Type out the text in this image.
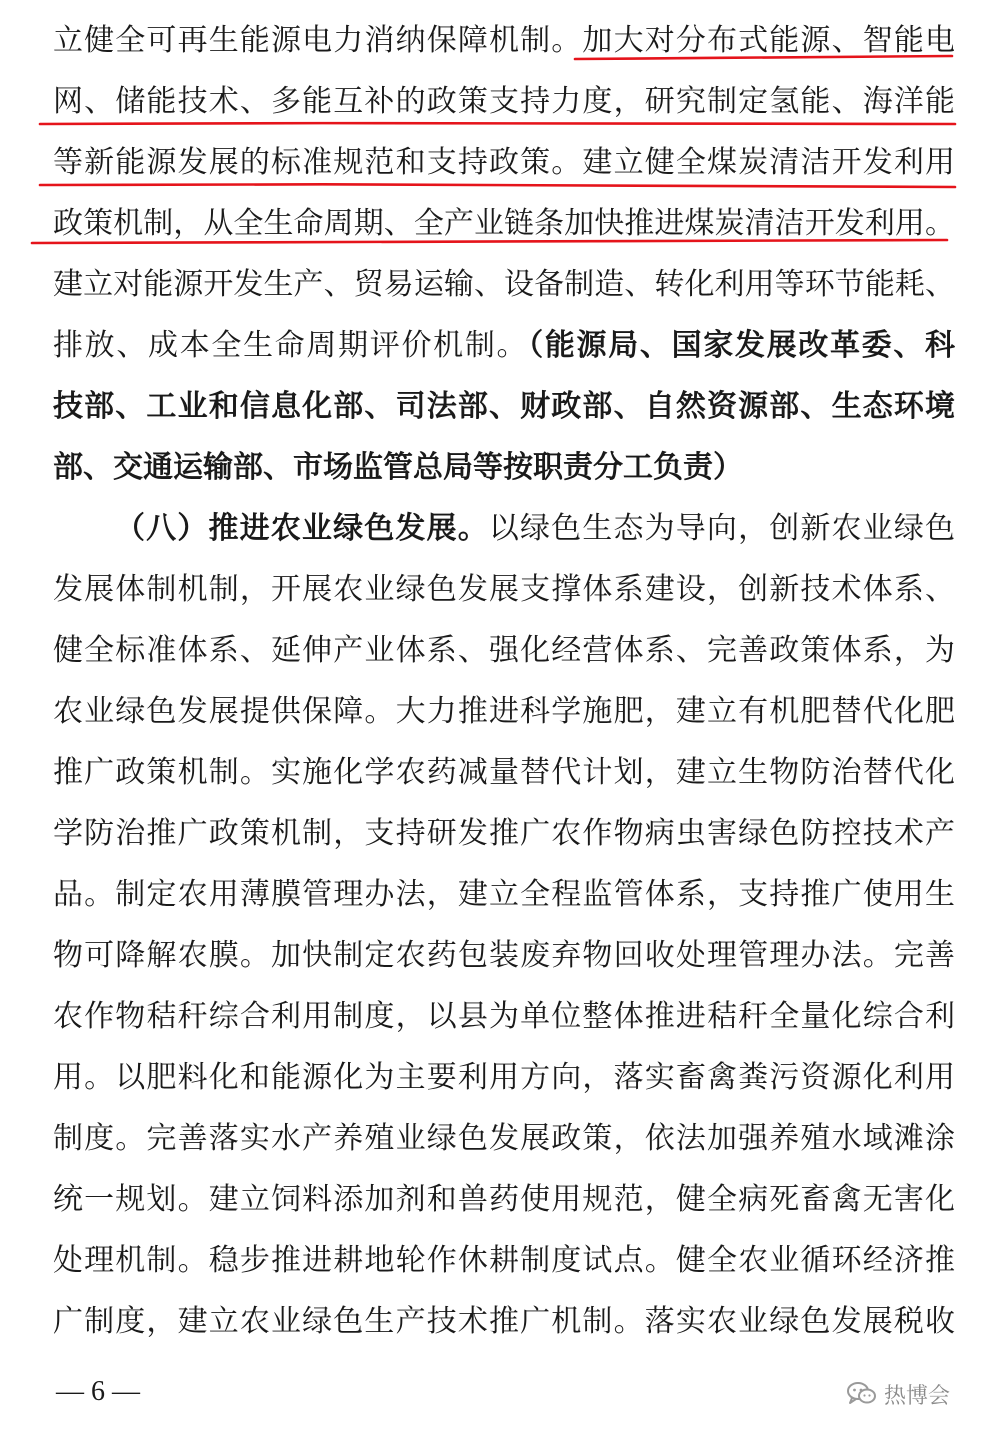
立健全可再生能源电力消纳保障机制。加大对分布式能源、智能电
网、储能技术、多能互补的政策支持力度，研究制定氢能、海洋能
等新能源发展的标准规范和支持政策。建立健全煤炭清洁开发利用
政策机制，从全生命周期、全产业链条加快推进煤炭清洁开发利用。
建立对能源开发生产、贸易运输、设备制造、转化利用等环节能耗、
排放、成本全生命周期评价机制。（能源局、国家发展改革委、科
技部、工业和信息化部、司法部、财政部、自然资源部、生态环境
部、交通运输部、市场监管总局等按职责分工负责）
（八）推进农业绿色发展。以绿色生态为导向，创新农业绿色
发展体制机制，开展农业绿色发展支撑体系建设，创新技术体系、
健全标准体系、延伸产业体系、强化经营体系、完善政策体系，为
农业绿色发展提供保障。大力推进科学施肥，建立有机肥替代化肥
推广政策机制。实施化学农药减量替代计划，建立生物防治替代化
学防治推广政策机制，支持研发推广农作物病虫害绿色防控技术产
品。制定农用薄膜管理办法，建立全程监管体系，支持推广使用生
物可降解农膜。加快制定农药包装废弃物回收处理管理办法。完善
农作物秸秆综合利用制度，以县为单位整体推进秸秆全量化综合利
用。以肥料化和能源化为主要利用方向，落实畜禽粪污资源化利用
制度。完善落实水产养殖业绿色发展政策，依法加强养殖水域滩涂
统一规划。建立饲料添加剂和兽药使用规范，健全病死畜禽无害化
处理机制。稳步推进耕地轮作休耕制度试点。健全农业循环经济推
广制度，建立农业绿色生产技术推广机制。落实农业绿色发展税收
— 6 —	热博会
